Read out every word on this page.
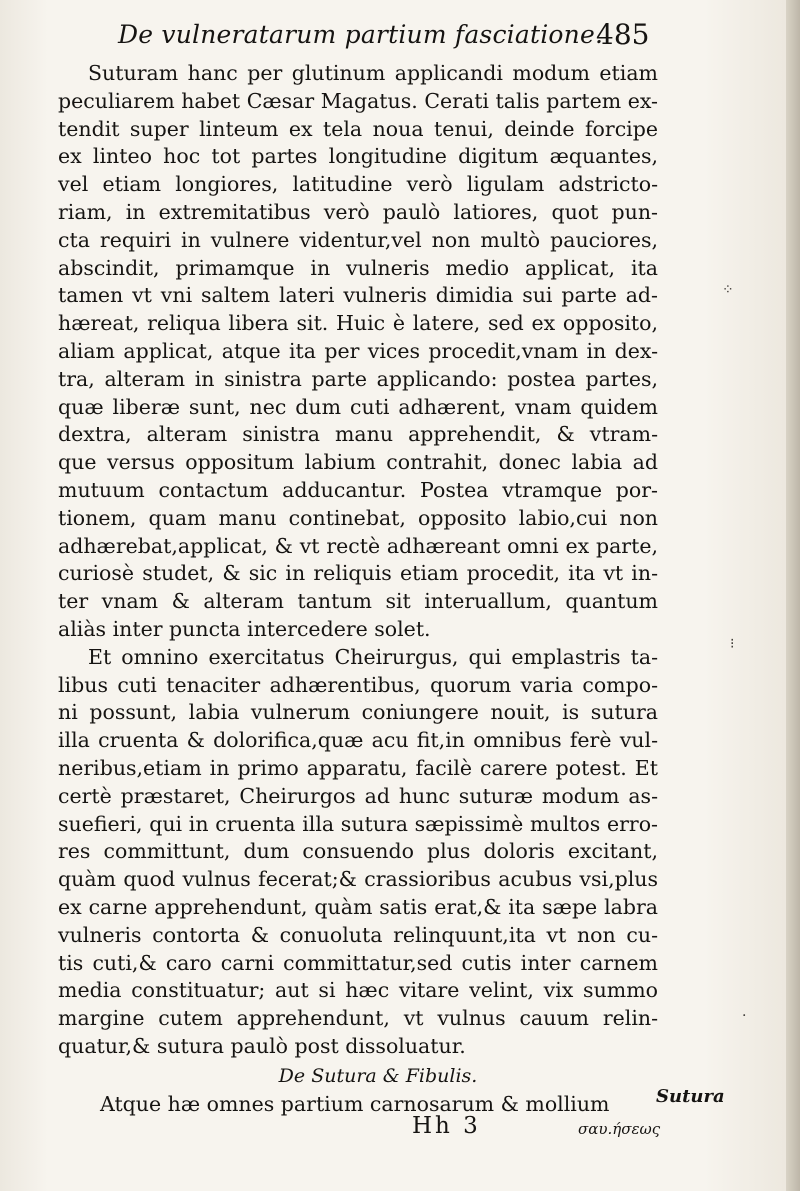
De vulneratarum partium fasciatione.
485
Suturam hanc per glutinum applicandi modum etiam
peculiarem habet Cæsar Magatus. Cerati talis partem ex-
tendit super linteum ex tela noua tenui, deinde forcipe
ex linteo hoc tot partes longitudine digitum æquantes,
vel etiam longiores, latitudine verò ligulam adstricto-
riam, in extremitatibus verò paulò latiores, quot pun-
cta requiri in vulnere videntur,vel non multò pauciores,
abscindit, primamque in vulneris medio applicat, ita
tamen vt vni saltem lateri vulneris dimidia sui parte ad-
hæreat, reliqua libera sit. Huic è latere, sed ex opposito,
aliam applicat, atque ita per vices procedit,vnam in dex-
tra, alteram in sinistra parte applicando: postea partes,
quæ liberæ sunt, nec dum cuti adhærent, vnam quidem
dextra, alteram sinistra manu apprehendit, & vtram-
que versus oppositum labium contrahit, donec labia ad
mutuum contactum adducantur. Postea vtramque por-
tionem, quam manu continebat, opposito labio,cui non
adhærebat,applicat, & vt rectè adhæreant omni ex parte,
curiosè studet, & sic in reliquis etiam procedit, ita vt in-
ter vnam & alteram tantum sit interuallum, quantum
aliàs inter puncta intercedere solet.
Et omnino exercitatus Cheirurgus, qui emplastris ta-
libus cuti tenaciter adhærentibus, quorum varia compo-
ni possunt, labia vulnerum coniungere nouit, is sutura
illa cruenta & dolorifica,quæ acu fit,in omnibus ferè vul-
neribus,etiam in primo apparatu, facilè carere potest. Et
certè præstaret, Cheirurgos ad hunc suturæ modum as-
suefieri, qui in cruenta illa sutura sæpissimè multos erro-
res committunt, dum consuendo plus doloris excitant,
quàm quod vulnus fecerat;& crassioribus acubus vsi,plus
ex carne apprehendunt, quàm satis erat,& ita sæpe labra
vulneris contorta & conuoluta relinquunt,ita vt non cu-
tis cuti,& caro carni committatur,sed cutis inter carnem
media constituatur; aut si hæc vitare velint, vix summo
margine cutem apprehendunt, vt vulnus cauum relin-
quatur,& sutura paulò post dissoluatur.
De Sutura & Fibulis.
Atque hæ omnes partium carnosarum & mollium
Hh 3	σαυ.ήσεως
Sutura
⁘
⁝
·
